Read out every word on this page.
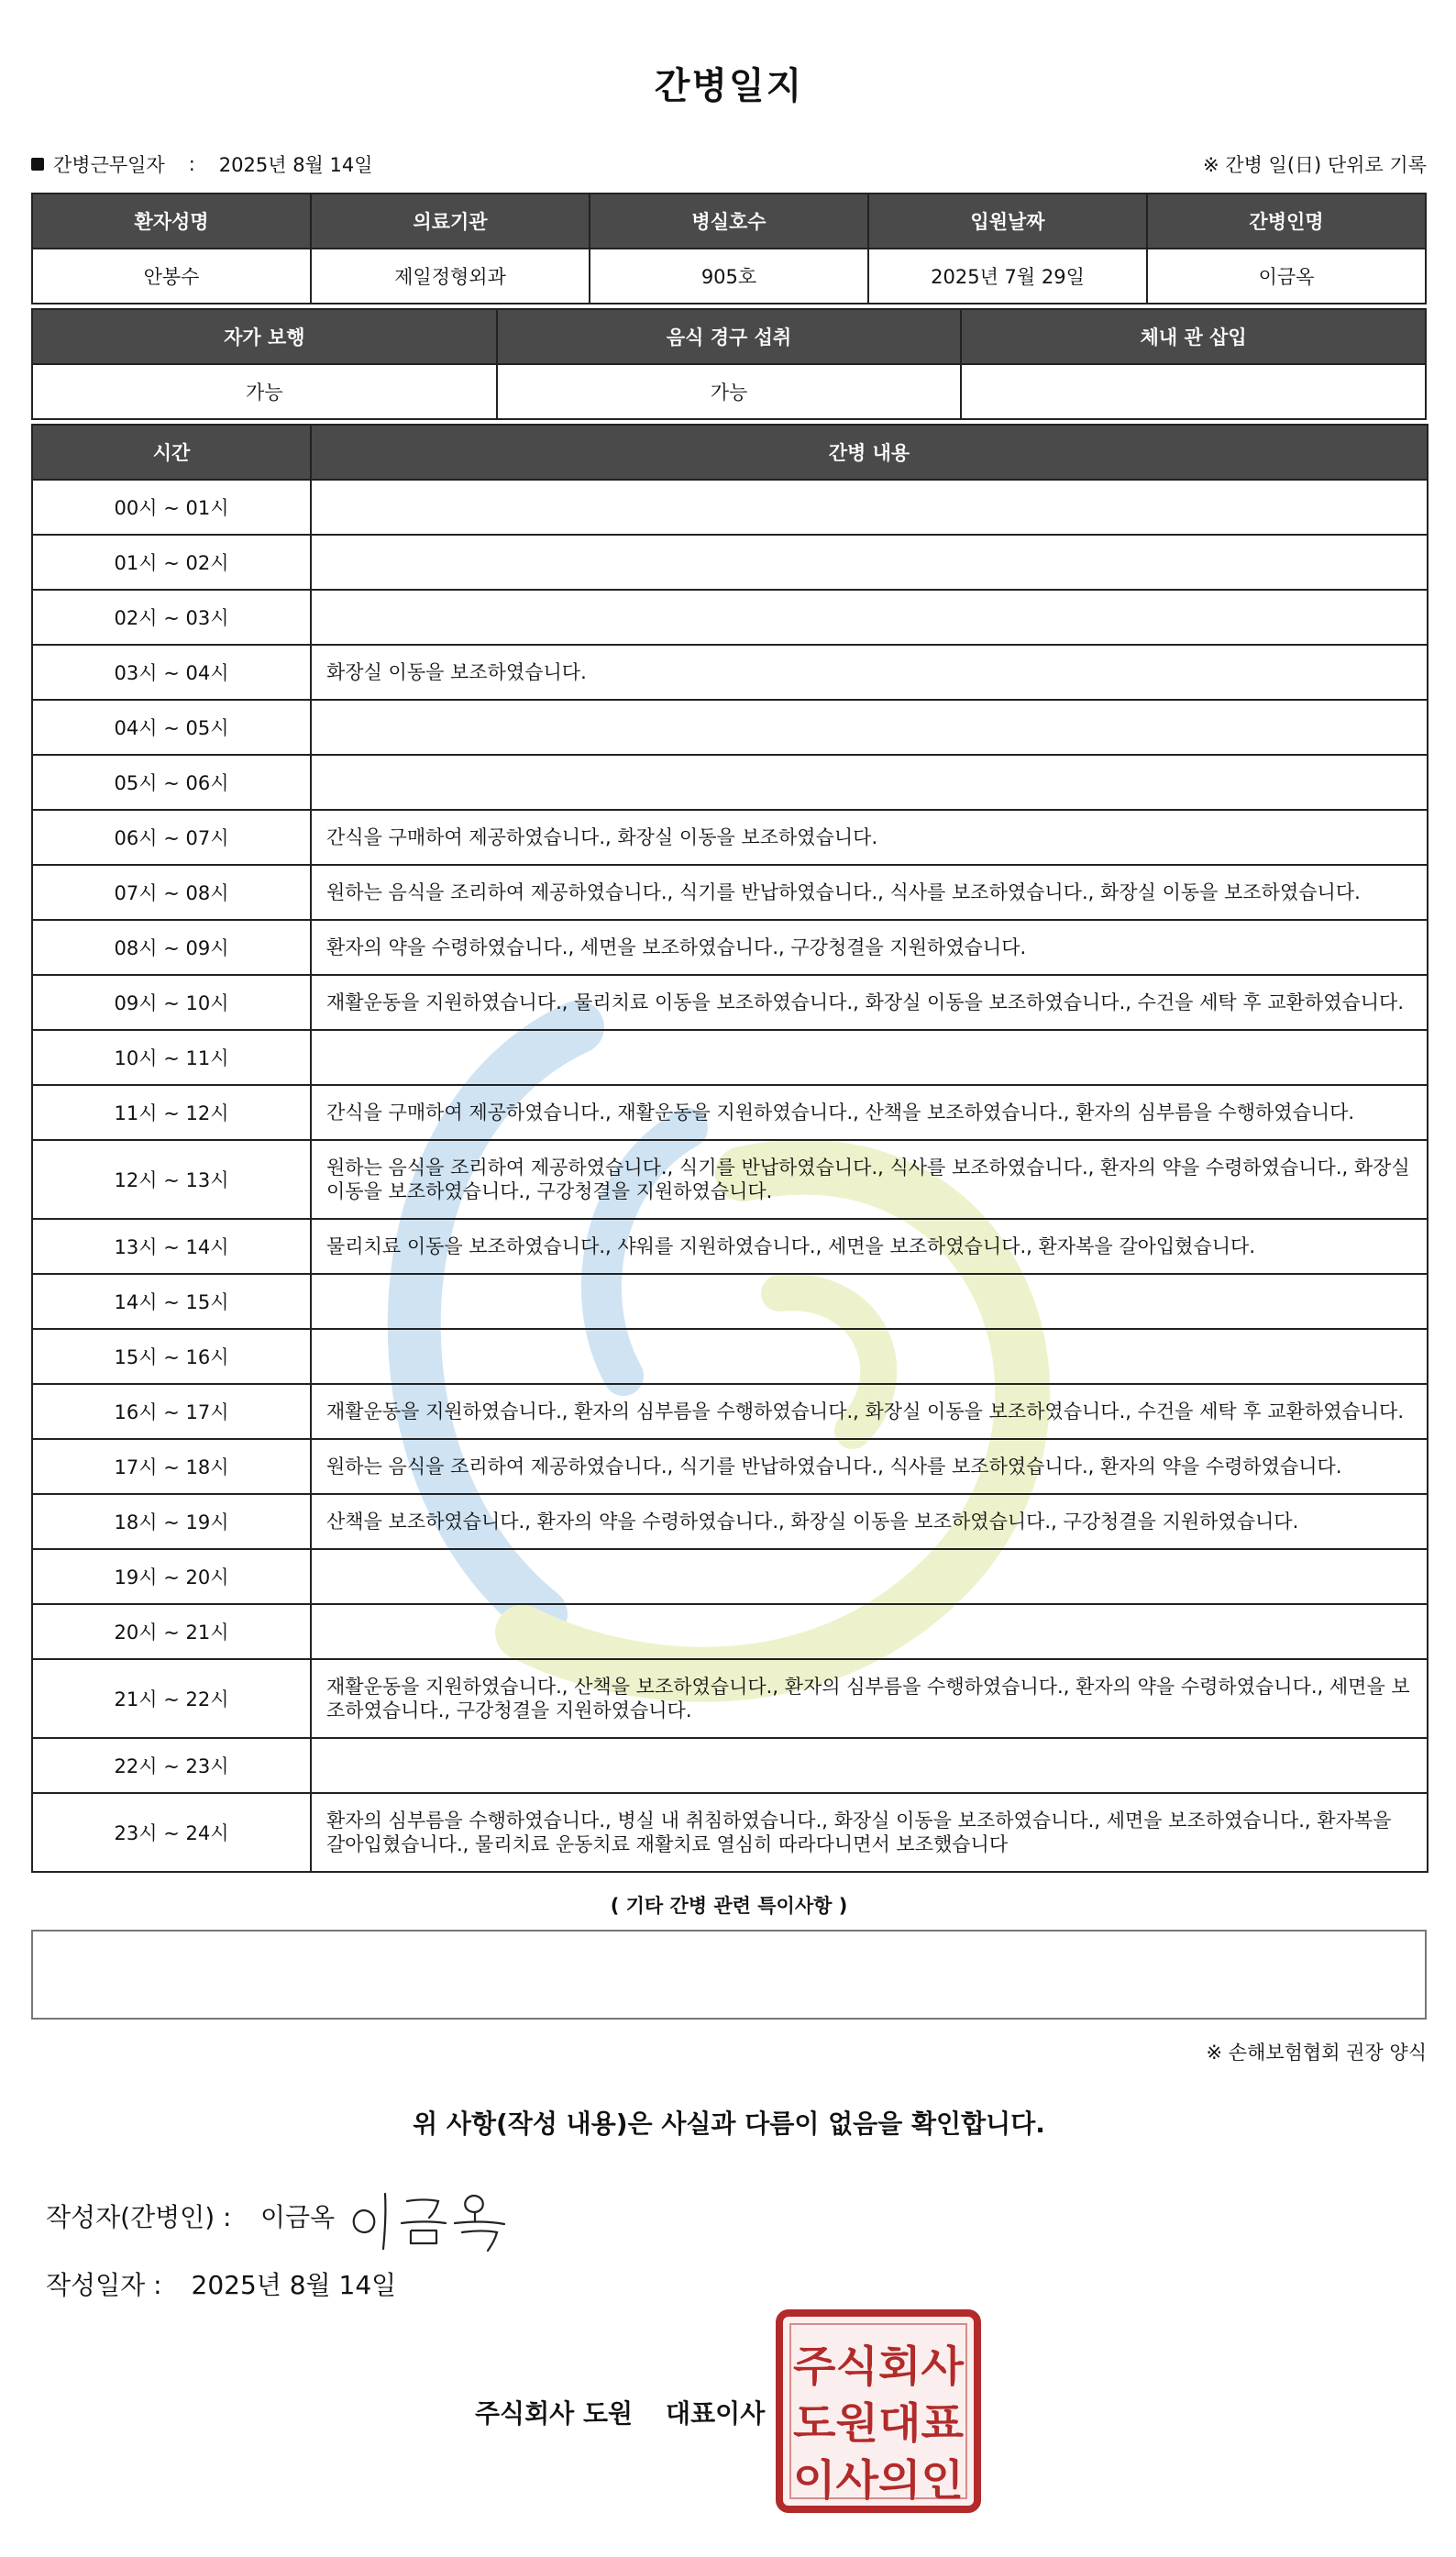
간병일지
간병근무일자 : 2025년 8월 14일	※ 간병 일(日) 단위로 기록
환자성명	의료기관	병실호수	입원날짜	간병인명
안봉수	제일정형외과	905호	2025년 7월 29일	이금옥
자가 보행	음식 경구 섭취	체내 관 삽입
가능	가능	
시간	간병 내용
00시 ~ 01시	
01시 ~ 02시	
02시 ~ 03시	
03시 ~ 04시	화장실 이동을 보조하였습니다.
04시 ~ 05시	
05시 ~ 06시	
06시 ~ 07시	간식을 구매하여 제공하였습니다., 화장실 이동을 보조하였습니다.
07시 ~ 08시	원하는 음식을 조리하여 제공하였습니다., 식기를 반납하였습니다., 식사를 보조하였습니다., 화장실 이동을 보조하였습니다.
08시 ~ 09시	환자의 약을 수령하였습니다., 세면을 보조하였습니다., 구강청결을 지원하였습니다.
09시 ~ 10시	재활운동을 지원하였습니다., 물리치료 이동을 보조하였습니다., 화장실 이동을 보조하였습니다., 수건을 세탁 후 교환하였습니다.
10시 ~ 11시	
11시 ~ 12시	간식을 구매하여 제공하였습니다., 재활운동을 지원하였습니다., 산책을 보조하였습니다., 환자의 심부름을 수행하였습니다.
12시 ~ 13시	원하는 음식을 조리하여 제공하였습니다., 식기를 반납하였습니다., 식사를 보조하였습니다., 환자의 약을 수령하였습니다., 화장실 이동을 보조하였습니다., 구강청결을 지원하였습니다.
13시 ~ 14시	물리치료 이동을 보조하였습니다., 샤워를 지원하였습니다., 세면을 보조하였습니다., 환자복을 갈아입혔습니다.
14시 ~ 15시	
15시 ~ 16시	
16시 ~ 17시	재활운동을 지원하였습니다., 환자의 심부름을 수행하였습니다., 화장실 이동을 보조하였습니다., 수건을 세탁 후 교환하였습니다.
17시 ~ 18시	원하는 음식을 조리하여 제공하였습니다., 식기를 반납하였습니다., 식사를 보조하였습니다., 환자의 약을 수령하였습니다.
18시 ~ 19시	산책을 보조하였습니다., 환자의 약을 수령하였습니다., 화장실 이동을 보조하였습니다., 구강청결을 지원하였습니다.
19시 ~ 20시	
20시 ~ 21시	
21시 ~ 22시	재활운동을 지원하였습니다., 산책을 보조하였습니다., 환자의 심부름을 수행하였습니다., 환자의 약을 수령하였습니다., 세면을 보조하였습니다., 구강청결을 지원하였습니다.
22시 ~ 23시	
23시 ~ 24시	환자의 심부름을 수행하였습니다., 병실 내 취침하였습니다., 화장실 이동을 보조하였습니다., 세면을 보조하였습니다., 환자복을 갈아입혔습니다., 물리치료 운동치료 재활치료 열심히 따라다니면서 보조했습니다
( 기타 간병 관련 특이사항 )
※ 손해보험협회 권장 양식
위 사항(작성 내용)은 사실과 다름이 없음을 확인합니다.
작성자(간병인) :	이금옥
작성일자 : 2025년 8월 14일
주식회사 도원 대표이사
주식회사
도원대표
이사의인
